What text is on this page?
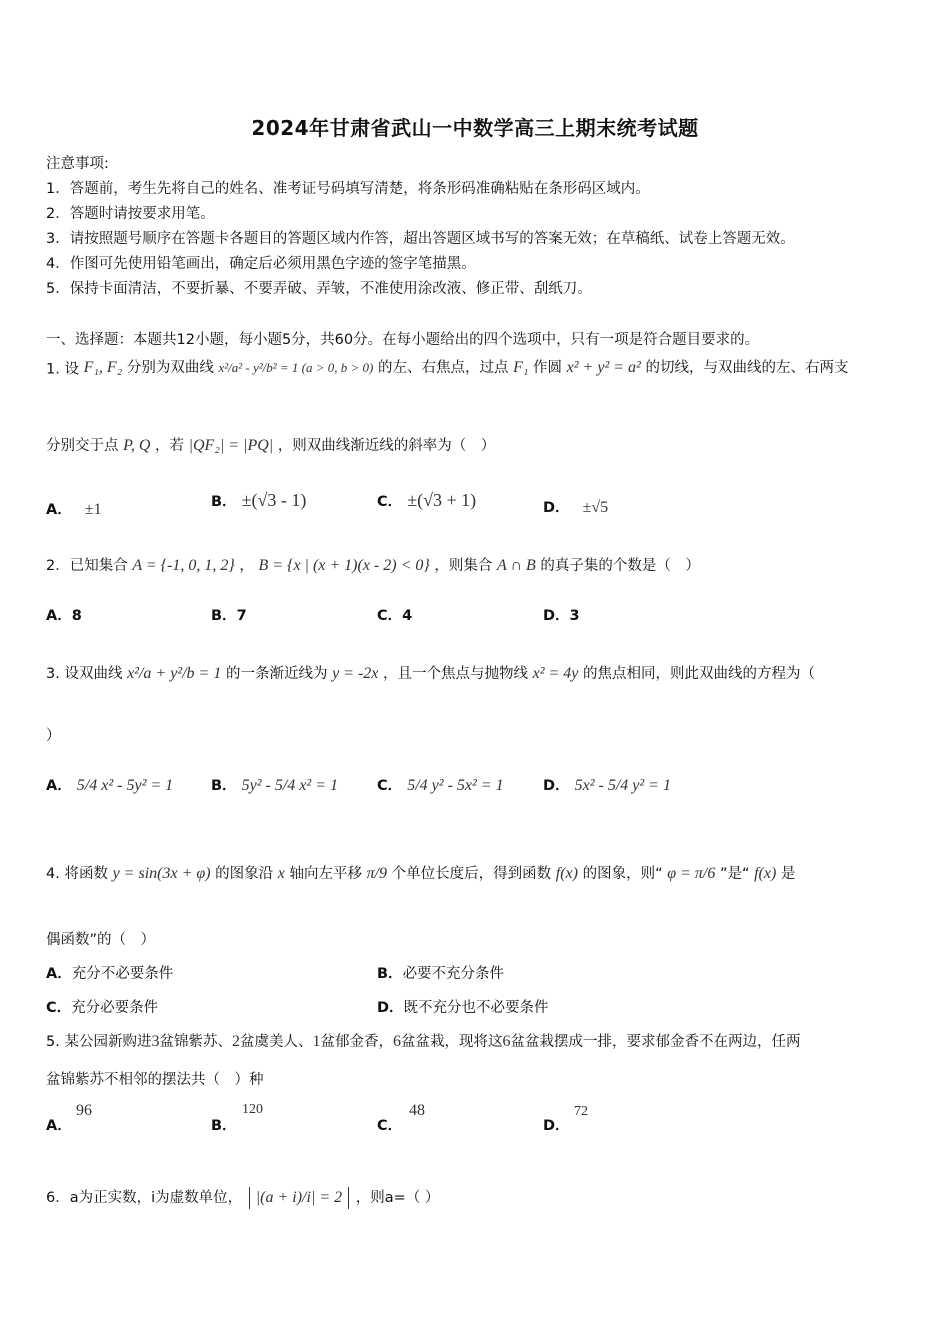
2024年甘肃省武山一中数学高三上期末统考试题
注意事项:
1．答题前，考生先将自己的姓名、准考证号码填写清楚，将条形码准确粘贴在条形码区域内。
2．答题时请按要求用笔。
3．请按照题号顺序在答题卡各题目的答题区域内作答，超出答题区域书写的答案无效；在草稿纸、试卷上答题无效。
4．作图可先使用铅笔画出，确定后必须用黑色字迹的签字笔描黑。
5．保持卡面清洁，不要折暴、不要弄破、弄皱，不准使用涂改液、修正带、刮纸刀。
一、选择题：本题共12小题，每小题5分，共60分。在每小题给出的四个选项中，只有一项是符合题目要求的。
1. 设 F₁, F₂ 分别为双曲线 x²/a² - y²/b² = 1 (a > 0, b > 0) 的左、右焦点，过点 F₁ 作圆 x² + y² = a² 的切线，与双曲线的左、右两支
分别交于点 P, Q ，若 |QF₂| = |PQ| ，则双曲线渐近线的斜率为（　）
A． ±1	B． ±(√3 - 1)	C． ±(√3 + 1)	D． ±√5
2．已知集合 A = {-1, 0, 1, 2} ， B = {x | (x + 1)(x - 2) < 0} ，则集合 A ∩ B 的真子集的个数是（　）
A．8	B．7	C．4	D．3
3. 设双曲线 x²/a + y²/b = 1 的一条渐近线为 y = -2x ，且一个焦点与抛物线 x² = 4y 的焦点相同，则此双曲线的方程为（
）
A． 5/4 x² - 5y² = 1	B． 5y² - 5/4 x² = 1	C． 5/4 y² - 5x² = 1	D． 5x² - 5/4 y² = 1
4. 将函数 y = sin(3x + φ) 的图象沿 x 轴向左平移 π/9 个单位长度后，得到函数 f(x) 的图象，则“ φ = π/6 ”是“ f(x) 是
偶函数”的（　）
A．充分不必要条件	B．必要不充分条件
C．充分必要条件	D．既不充分也不必要条件
5. 某公园新购进3盆锦紫苏、2盆虞美人、1盆郁金香，6盆盆栽，现将这6盆盆栽摆成一排，要求郁金香不在两边，任两
盆锦紫苏不相邻的摆法共（　）种
A．
96
B．
120
C．
48
D．
72
6．a为正实数，i为虚数单位， |(a + i)/i| = 2 ，则a=（ ）
